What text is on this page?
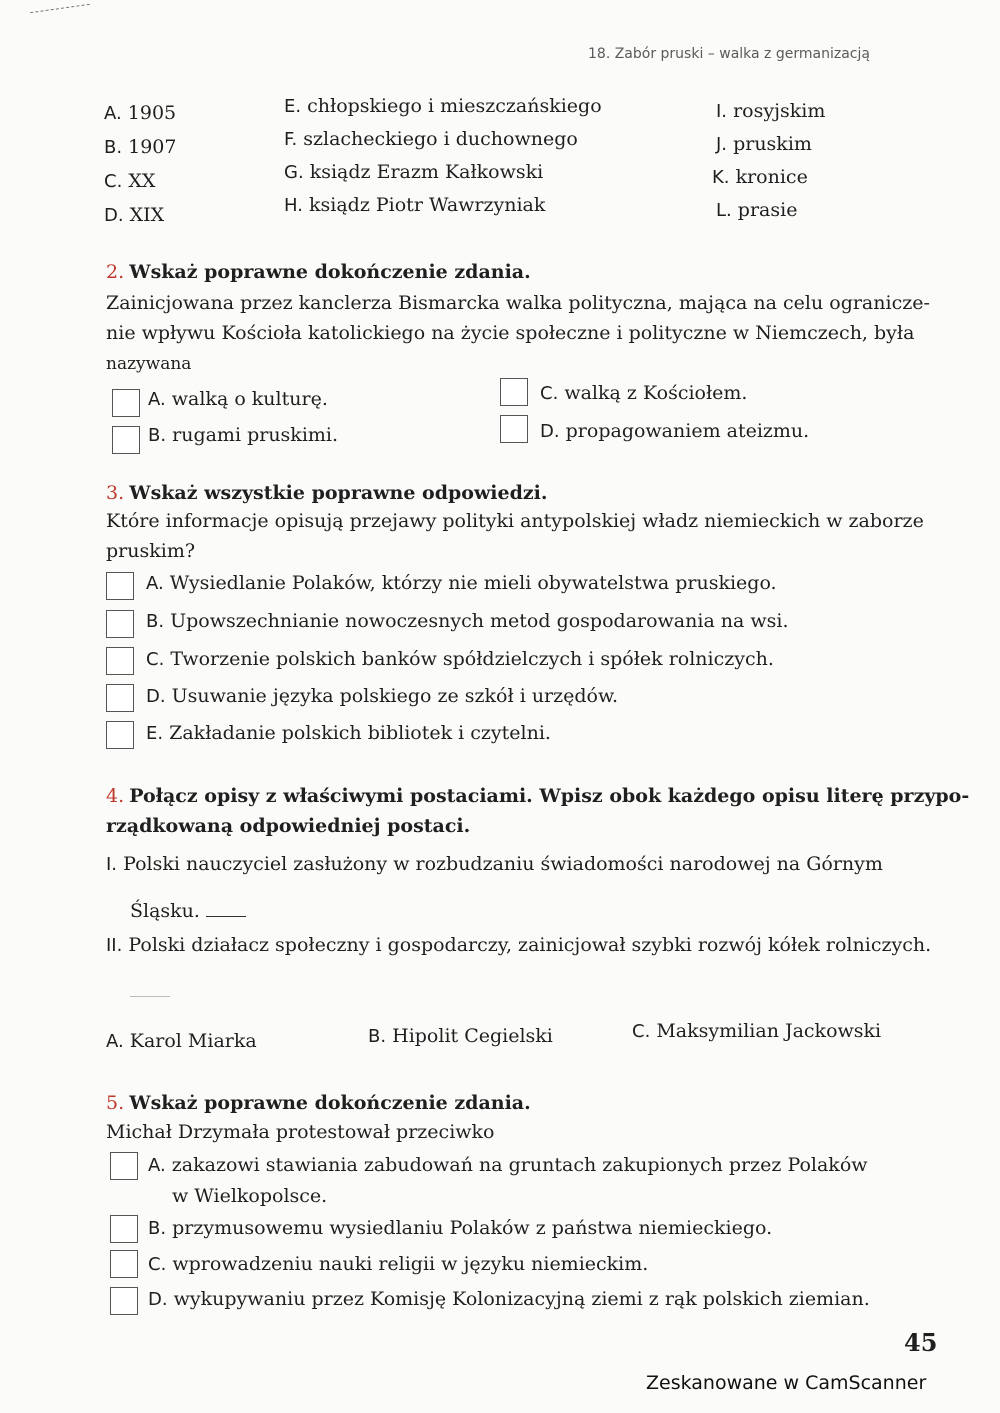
18. Zabór pruski – walka z germanizacją
A. 1905
B. 1907
C. XX
D. XIX
E. chłopskiego i mieszczańskiego
F. szlacheckiego i duchownego
G. ksiądz Erazm Kałkowski
H. ksiądz Piotr Wawrzyniak
I. rosyjskim
J. pruskim
K. kronice
L. prasie
2. Wskaż poprawne dokończenie zdania.
Zainicjowana przez kanclerza Bismarcka walka polityczna, mająca na celu ogranicze-
nie wpływu Kościoła katolickiego na życie społeczne i polityczne w Niemczech, była
nazywana
A. walką o kulturę.
B. rugami pruskimi.
C. walką z Kościołem.
D. propagowaniem ateizmu.
3. Wskaż wszystkie poprawne odpowiedzi.
Które informacje opisują przejawy polityki antypolskiej władz niemieckich w zaborze
pruskim?
A. Wysiedlanie Polaków, którzy nie mieli obywatelstwa pruskiego.
B. Upowszechnianie nowoczesnych metod gospodarowania na wsi.
C. Tworzenie polskich banków spółdzielczych i spółek rolniczych.
D. Usuwanie języka polskiego ze szkół i urzędów.
E. Zakładanie polskich bibliotek i czytelni.
4. Połącz opisy z właściwymi postaciami. Wpisz obok każdego opisu literę przypo-
rządkowaną odpowiedniej postaci.
I. Polski nauczyciel zasłużony w rozbudzaniu świadomości narodowej na Górnym
Śląsku.
II. Polski działacz społeczny i gospodarczy, zainicjował szybki rozwój kółek rolniczych.
A. Karol Miarka	B. Hipolit Cegielski	C. Maksymilian Jackowski
5. Wskaż poprawne dokończenie zdania.
Michał Drzymała protestował przeciwko
A. zakazowi stawiania zabudowań na gruntach zakupionych przez Polaków
w Wielkopolsce.
B. przymusowemu wysiedlaniu Polaków z państwa niemieckiego.
C. wprowadzeniu nauki religii w języku niemieckim.
D. wykupywaniu przez Komisję Kolonizacyjną ziemi z rąk polskich ziemian.
45
Zeskanowane w CamScanner
